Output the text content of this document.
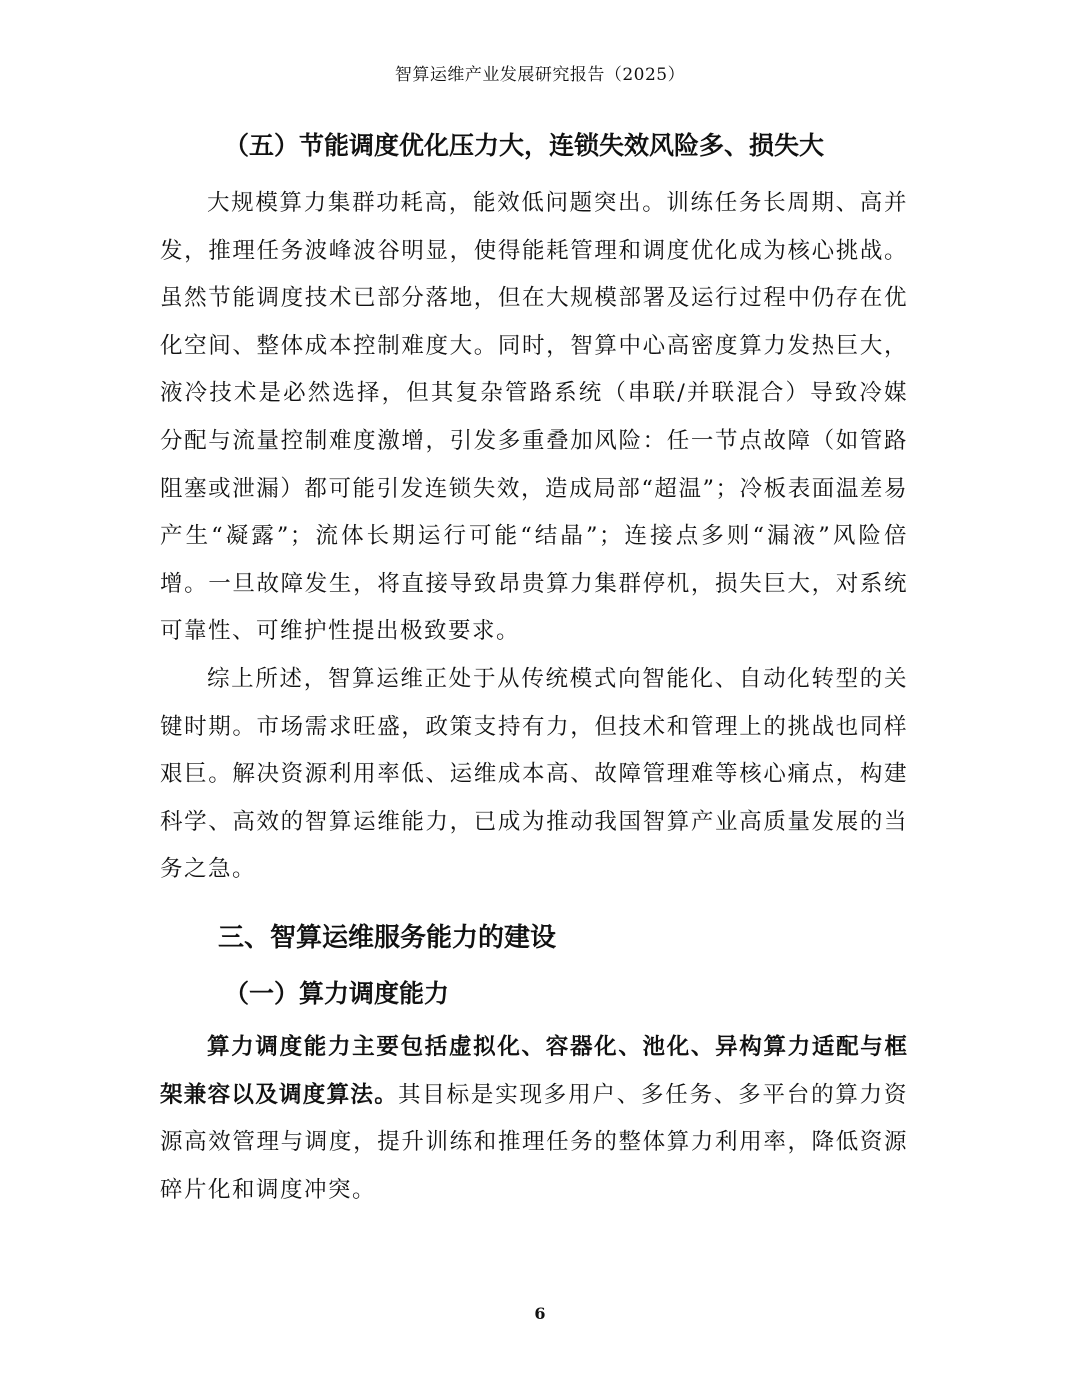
智算运维产业发展研究报告（2025）
（五）节能调度优化压力大，连锁失效风险多、损失大

大规模算力集群功耗高，能效低问题突出。训练任务长周期、高并发，推理任务波峰波谷明显，使得能耗管理和调度优化成为核心挑战。虽然节能调度技术已部分落地，但在大规模部署及运行过程中仍存在优化空间、整体成本控制难度大。同时，智算中心高密度算力发热巨大，液冷技术是必然选择，但其复杂管路系统（串联/并联混合）导致冷媒分配与流量控制难度激增，引发多重叠加风险：任一节点故障（如管路阻塞或泄漏）都可能引发连锁失效，造成局部“超温”；冷板表面温差易产生“凝露”；流体长期运行可能“结晶”；连接点多则“漏液”风险倍增。一旦故障发生，将直接导致昂贵算力集群停机，损失巨大，对系统可靠性、可维护性提出极致要求。

综上所述，智算运维正处于从传统模式向智能化、自动化转型的关键时期。市场需求旺盛，政策支持有力，但技术和管理上的挑战也同样艰巨。解决资源利用率低、运维成本高、故障管理难等核心痛点，构建科学、高效的智算运维能力，已成为推动我国智算产业高质量发展的当务之急。

三、智算运维服务能力的建设
（一）算力调度能力

算力调度能力主要包括虚拟化、容器化、池化、异构算力适配与框架兼容以及调度算法。其目标是实现多用户、多任务、多平台的算力资源高效管理与调度，提升训练和推理任务的整体算力利用率，降低资源碎片化和调度冲突。

6
